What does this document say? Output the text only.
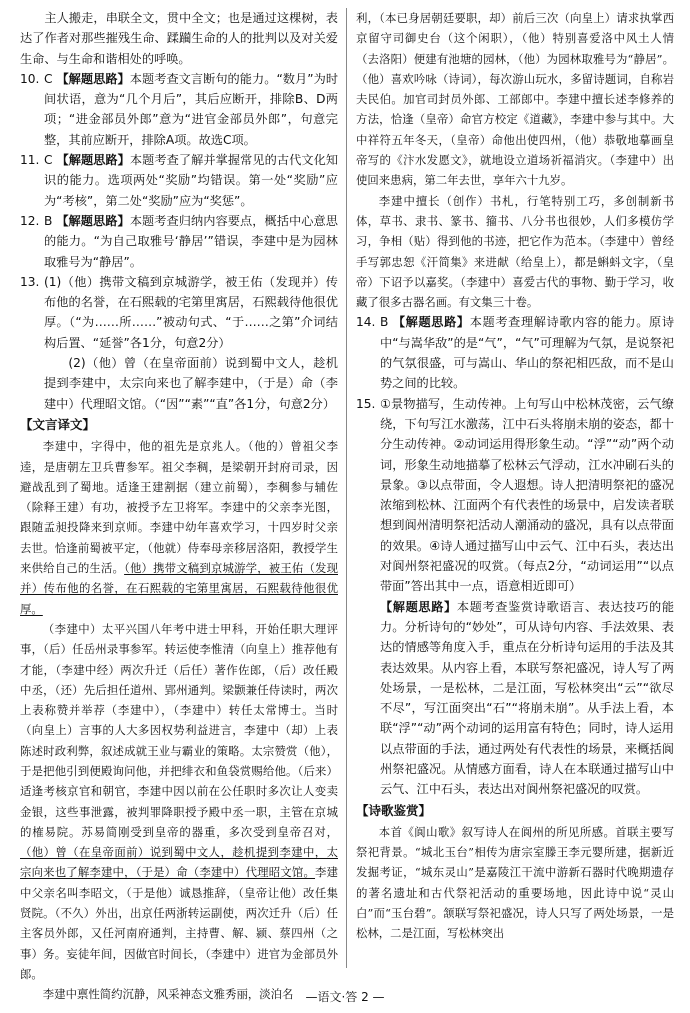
主人搬走，串联全文，贯中全文；也是通过这棵树，表达了作者对那些摧残生命、蹂躏生命的人的批判以及对关爱生命、与生命和谐相处的呼唤。

10. C 【解题思路】本题考查文言断句的能力。“数月”为时间状语，意为“几个月后”，其后应断开，排除B、D两项；“进金部员外郎”意为“进官金部员外郎”，句意完整，其前应断开，排除A项。故选C项。

11. C 【解题思路】本题考查了解并掌握常见的古代文化知识的能力。选项两处“奖励”均错误。第一处“奖励”应为“考核”，第二处“奖励”应为“奖惩”。

12. B 【解题思路】本题考查归纳内容要点，概括中心意思的能力。“为自己取雅号‘静居’”错误，李建中是为园林取雅号为“静居”。

13. (1)（他）携带文稿到京城游学，被王佑（发现并）传布他的名誉，在石熙载的宅第里寓居，石熙载待他很优厚。（“为……所……”被动句式、“于……之第”介词结构后置、“延誉”各1分，句意2分）

(2)（他）曾（在皇帝面前）说到蜀中文人，趁机提到李建中，太宗向来也了解李建中，（于是）命（李建中）代理昭文馆。（“因”“素”“直”各1分，句意2分）

【文言译文】

李建中，字得中，他的祖先是京兆人。（他的）曾祖父李逵，是唐朝左卫兵曹参军。祖父李稠，是梁朝开封府司录，因避战乱到了蜀地。适逢王建割据（建立前蜀），李稠参与辅佐（除释王建）有功，被授予左卫将军。李建中的父亲李光图，跟随孟昶投降来到京师。李建中幼年喜欢学习，十四岁时父亲去世。恰逢前蜀被平定，（他就）侍奉母亲移居洛阳，教授学生来供给自己的生活。（他）携带文稿到京城游学，被王佑（发现并）传布他的名誉，在石熙载的宅第里寓居，石熙载待他很优厚。

（李建中）太平兴国八年考中进士甲科，开始任职大理评事，（后）任岳州录事参军。转运使李惟清（向皇上）推荐他有才能，（李建中经）两次升迁（后任）著作佐郎，（后）改任殿中丞，（还）先后担任道州、郢州通判。梁颢兼任侍读时，两次上表称赞并举荐（李建中），（李建中）转任太常博士。当时（向皇上）言事的人大多因权势利益进言，李建中（却）上表陈述时政利弊，叙述成就王业与霸业的策略。太宗赞赏（他），于是把他引到便殿询问他，并把绯衣和鱼袋赏赐给他。（后来）适逢考核京官和朝官，李建中因以前在公任职时多次让人变卖金银，这些事泄露，被判罪降职授予殿中丞一职，主管在京城的榷易院。苏易简刚受到皇帝的器重，多次受到皇帝召对，（他）曾（在皇帝面前）说到蜀中文人，趁机提到李建中，太宗向来也了解李建中，（于是）命（李建中）代理昭文馆。李建中父亲名叫李昭文，（于是他）诚恳推辞，（皇帝让他）改任集贤院。（不久）外出，出京任两浙转运副使，两次迁升（后）任主客员外郎，又任河南府通判，主持曹、解、颍、蔡四州（之事）务。妄徒年间，因做官时间长，（李建中）进官为金部员外郎。

李建中禀性简约沉静，风采神态文雅秀丽，淡泊名

利，（本已身居朝廷要职，却）前后三次（向皇上）请求执掌西京留守司御史台（这个闲职），（他）特别喜爱洛中风土人情（去洛阳）便建有池塘的园林，（他）为园林取雅号为“静居”。（他）喜欢吟咏（诗词），每次游山玩水，多留诗题词，自称岩夫民伯。加官司封员外郎、工部郎中。李建中擅长述李修养的方法，恰逢（皇帝）命官方校定《道藏》，李建中参与其中。大中祥符五年冬天，（皇帝）命他出使四州，（他）恭敬地摹画皇帝写的《汴水发愿文》，就地设立道场祈福消灾。（李建中）出使回来患病，第二年去世，享年六十九岁。

李建中擅长（创作）书札，行笔特别工巧，多创制新书体，草书、隶书、篆书、籀书、八分书也很妙，人们多模仿学习，争相（贴）得到他的书迹，把它作为范本。（李建中）曾经手写郭忠恕《汗简集》来进献（给皇上），都是蝌蚪文字，（皇帝）下诏予以嘉奖。（李建中）喜爱古代的事物、勤于学习，收藏了很多古器名画。有文集三十卷。

14. B 【解题思路】本题考查理解诗歌内容的能力。原诗中“与嵩华敌”的是“气”，“气”可理解为气氛，是说祭祀的气氛很盛，可与嵩山、华山的祭祀相匹敌，而不是山势之间的比较。

15. ①景物描写，生动传神。上句写山中松林茂密，云气缭绕，下句写江水激荡，江中石头将崩未崩的姿态，都十分生动传神。②动词运用得形象生动。“浮”“动”两个动词，形象生动地描摹了松林云气浮动，江水冲刷石头的景象。③以点带面，令人遐想。诗人把清明祭祀的盛况浓缩到松林、江面两个有代表性的场景中，启发读者联想到阆州清明祭祀活动人潮涌动的盛况，具有以点带面的效果。④诗人通过描写山中云气、江中石头，表达出对阆州祭祀盛况的叹赏。（每点2分，“动词运用”“以点带面”答出其中一点，语意相近即可）

【解题思路】本题考查鉴赏诗歌语言、表达技巧的能力。分析诗句的“妙处”，可从诗句内容、手法效果、表达的情感等角度入手，重点在分析诗句运用的手法及其表达效果。从内容上看，本联写祭祀盛况，诗人写了两处场景，一是松林，二是江面，写松林突出“云”“欲尽不尽”，写江面突出“石”“将崩未崩”。从手法上看，本联“浮”“动”两个动词的运用富有特色；同时，诗人运用以点带面的手法，通过两处有代表性的场景，来概括阆州祭祀盛况。从情感方面看，诗人在本联通过描写山中云气、江中石头，表达出对阆州祭祀盛况的叹赏。

【诗歌鉴赏】

本首《阆山歌》叙写诗人在阆州的所见所感。首联主要写祭祀背景。“城北玉台”相传为唐宗室滕王李元婴所建，据新近发掘考证，“城东灵山”是嘉陵江干流中游新石器时代晚期遗存的著名遗址和古代祭祀活动的重要场地，因此诗中说“灵山白”而“玉台碧”。颔联写祭祀盛况，诗人只写了两处场景，一是松林，二是江面，写松林突出

—语文·答 2 —
